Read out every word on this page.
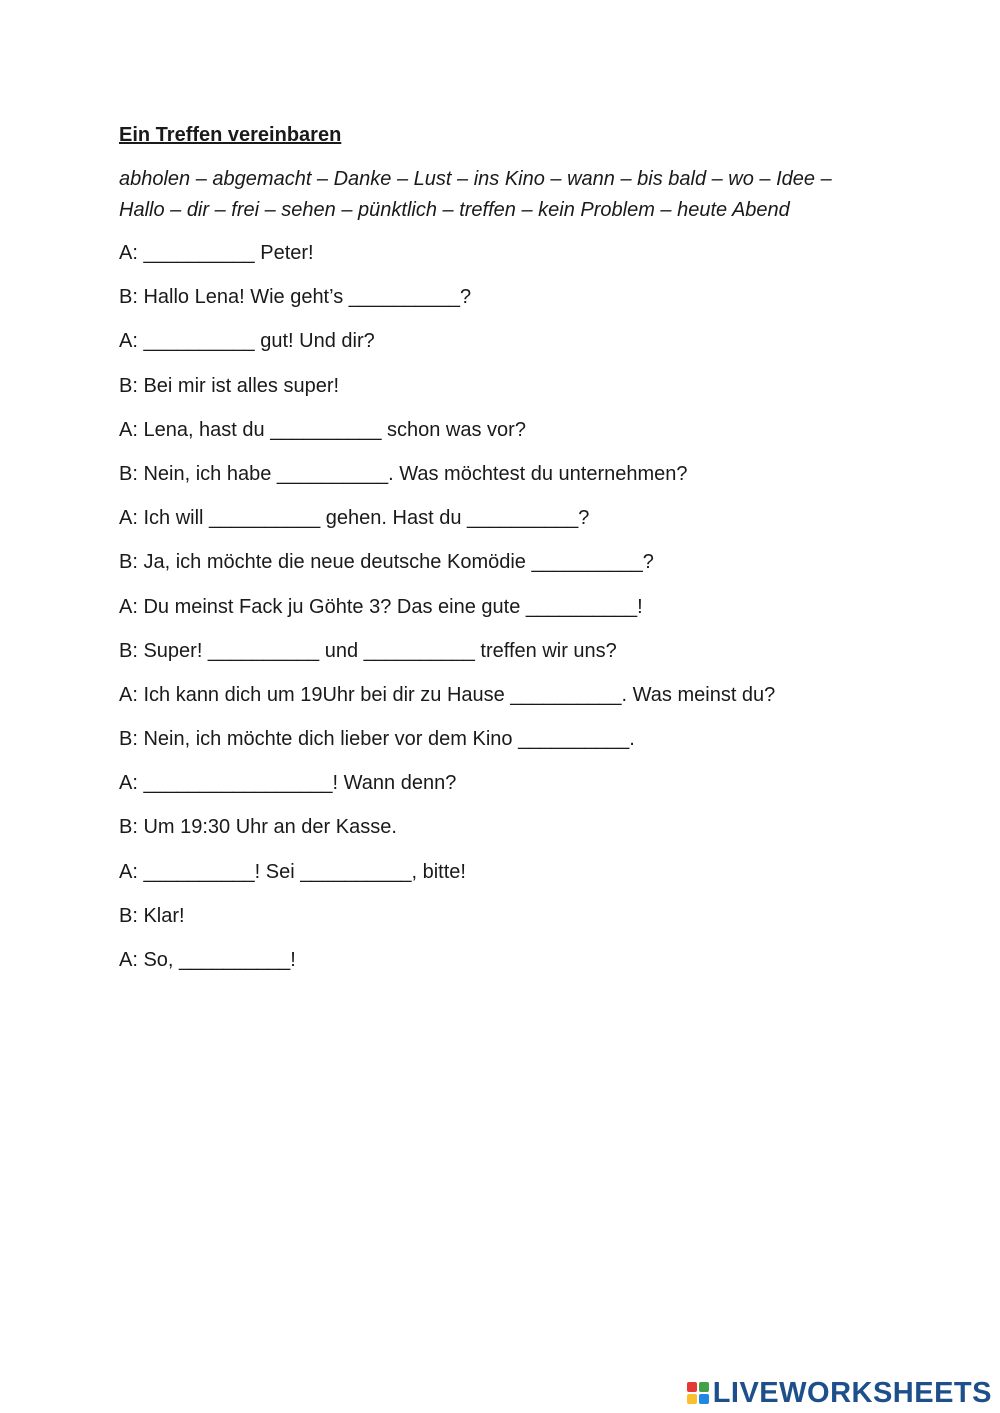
Ein Treffen vereinbaren
abholen – abgemacht – Danke – Lust – ins Kino – wann – bis bald – wo – Idee –
Hallo – dir – frei – sehen – pünktlich – treffen – kein Problem – heute Abend
A: __________ Peter!
B: Hallo Lena! Wie geht’s __________?
A: __________ gut! Und dir?
B: Bei mir ist alles super!
A: Lena, hast du __________ schon was vor?
B: Nein, ich habe __________. Was möchtest du unternehmen?
A: Ich will __________ gehen. Hast du __________?
B: Ja, ich möchte die neue deutsche Komödie __________?
A: Du meinst Fack ju Göhte 3? Das eine gute __________!
B: Super! __________ und __________ treffen wir uns?
A: Ich kann dich um 19Uhr bei dir zu Hause __________. Was meinst du?
B: Nein, ich möchte dich lieber vor dem Kino __________.
A: _________________! Wann denn?
B: Um 19:30 Uhr an der Kasse.
A: __________! Sei __________, bitte!
B: Klar!
A: So, __________!
LIVEWORKSHEETS
